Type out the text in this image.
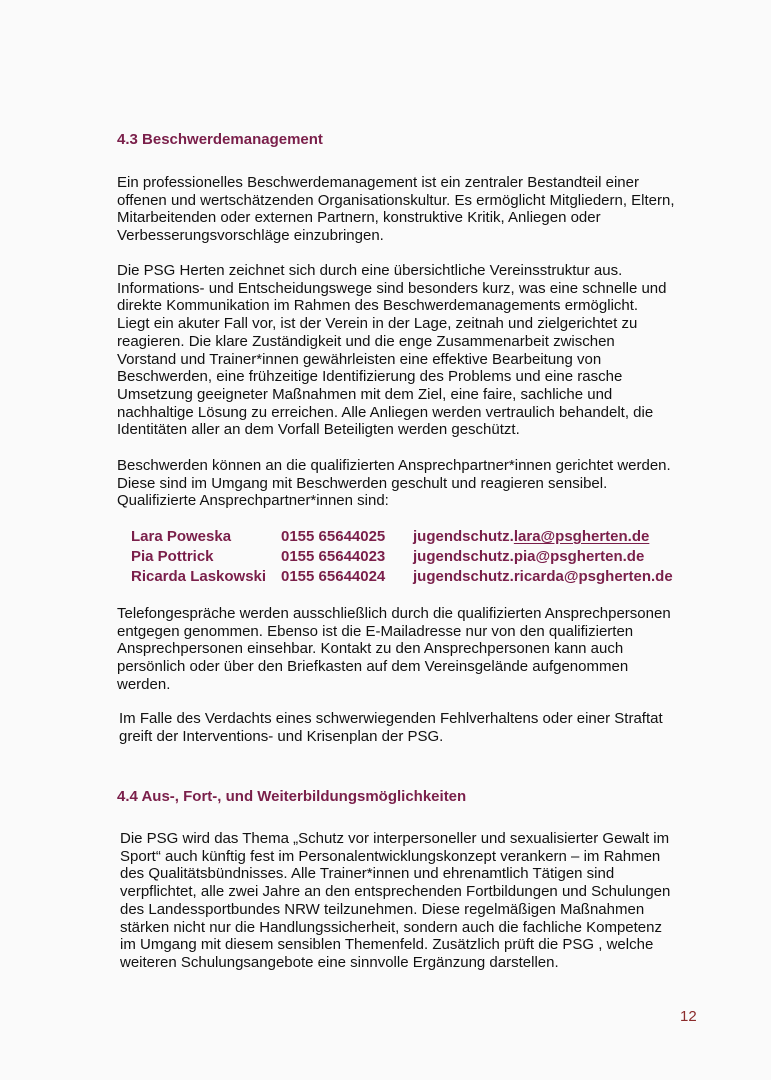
4.3 Beschwerdemanagement
Ein professionelles Beschwerdemanagement ist ein zentraler Bestandteil einer
offenen und wertschätzenden Organisationskultur. Es ermöglicht Mitgliedern, Eltern,
Mitarbeitenden oder externen Partnern, konstruktive Kritik, Anliegen oder
Verbesserungsvorschläge einzubringen.
Die PSG Herten zeichnet sich durch eine übersichtliche Vereinsstruktur aus.
Informations- und Entscheidungswege sind besonders kurz, was eine schnelle und
direkte Kommunikation im Rahmen des Beschwerdemanagements ermöglicht.
Liegt ein akuter Fall vor, ist der Verein in der Lage, zeitnah und zielgerichtet zu
reagieren. Die klare Zuständigkeit und die enge Zusammenarbeit zwischen
Vorstand und Trainer*innen gewährleisten eine effektive Bearbeitung von
Beschwerden, eine frühzeitige Identifizierung des Problems und eine rasche
Umsetzung geeigneter Maßnahmen mit dem Ziel, eine faire, sachliche und
nachhaltige Lösung zu erreichen. Alle Anliegen werden vertraulich behandelt, die
Identitäten aller an dem Vorfall Beteiligten werden geschützt.
Beschwerden können an die qualifizierten Ansprechpartner*innen gerichtet werden.
Diese sind im Umgang mit Beschwerden geschult und reagieren sensibel.
Qualifizierte Ansprechpartner*innen sind:
Lara Poweska	0155 65644025 jugendschutz.lara@psgherten.de
Pia Pottrick	0155 65644023 jugendschutz.pia@psgherten.de
Ricarda Laskowski 0155 65644024 jugendschutz.ricarda@psgherten.de
Telefongespräche werden ausschließlich durch die qualifizierten Ansprechpersonen
entgegen genommen. Ebenso ist die E-Mailadresse nur von den qualifizierten
Ansprechpersonen einsehbar. Kontakt zu den Ansprechpersonen kann auch
persönlich oder über den Briefkasten auf dem Vereinsgelände aufgenommen
werden.
Im Falle des Verdachts eines schwerwiegenden Fehlverhaltens oder einer Straftat
greift der Interventions- und Krisenplan der PSG.
4.4 Aus-, Fort-, und Weiterbildungsmöglichkeiten
Die PSG wird das Thema „Schutz vor interpersoneller und sexualisierter Gewalt im
Sport“ auch künftig fest im Personalentwicklungskonzept verankern – im Rahmen
des Qualitätsbündnisses. Alle Trainer*innen und ehrenamtlich Tätigen sind
verpflichtet, alle zwei Jahre an den entsprechenden Fortbildungen und Schulungen
des Landessportbundes NRW teilzunehmen. Diese regelmäßigen Maßnahmen
stärken nicht nur die Handlungssicherheit, sondern auch die fachliche Kompetenz
im Umgang mit diesem sensiblen Themenfeld. Zusätzlich prüft die PSG , welche
weiteren Schulungsangebote eine sinnvolle Ergänzung darstellen.
12
